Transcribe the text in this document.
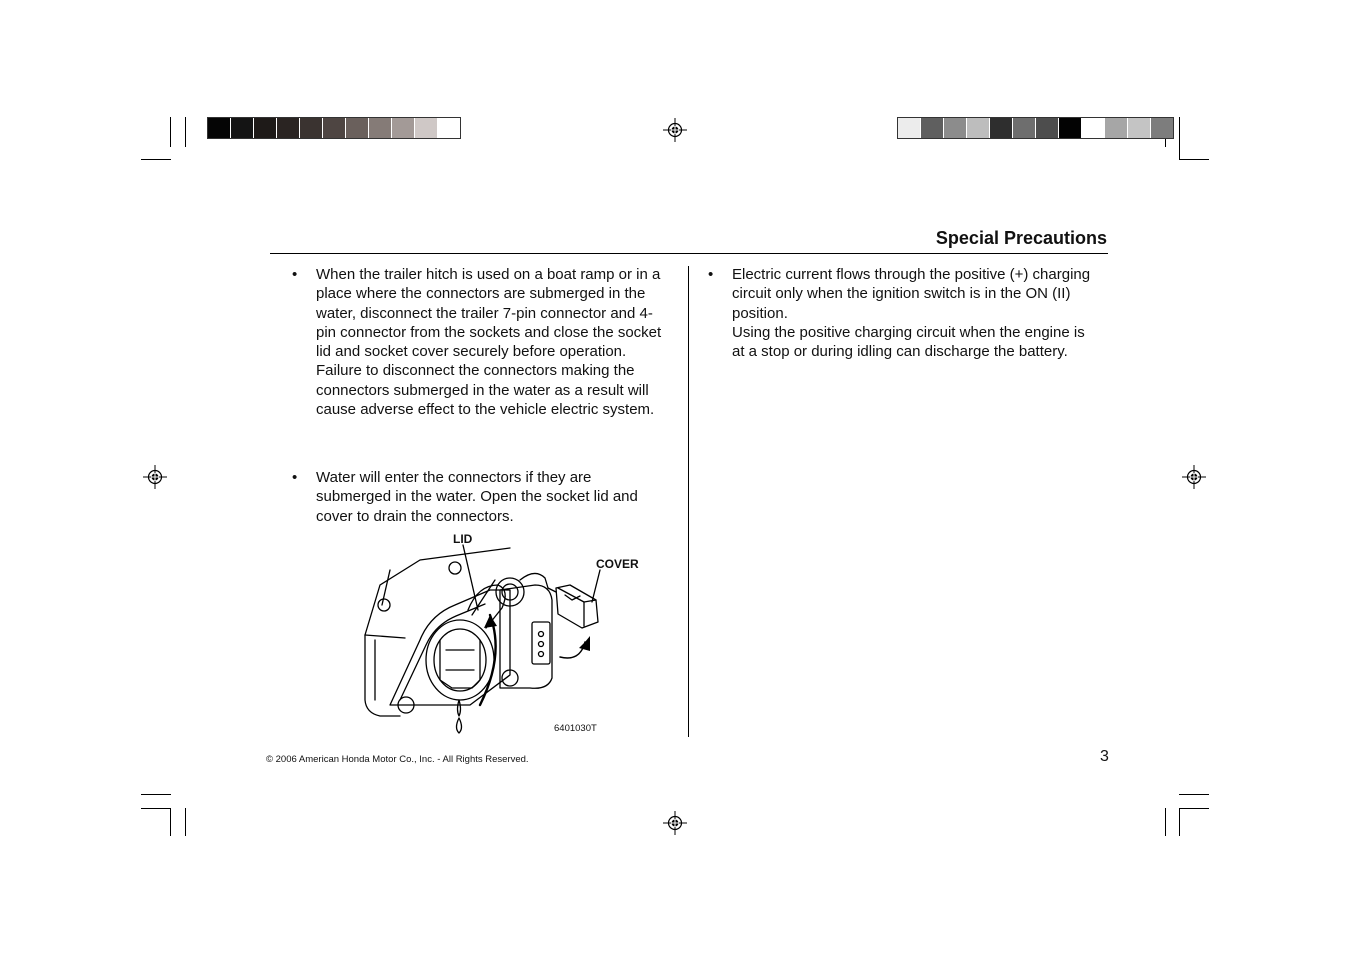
Special Precautions
• When the trailer hitch is used on a boat ramp or in a place where the connectors are submerged in the water, disconnect the trailer 7-pin connector and 4-pin connector from the sockets and close the socket lid and socket cover securely before operation.

Failure to disconnect the connectors making the connectors submerged in the water as a result will cause adverse effect to the vehicle electric system.

• Water will enter the connectors if they are submerged in the water. Open the socket lid and cover to drain the connectors.

LID
COVER
6401030T
• Electric current flows through the positive (+) charging circuit only when the ignition switch is in the ON (II) position.

Using the positive charging circuit when the engine is at a stop or during idling can discharge the battery.

© 2006 American Honda Motor Co., Inc. - All Rights Reserved.	3
